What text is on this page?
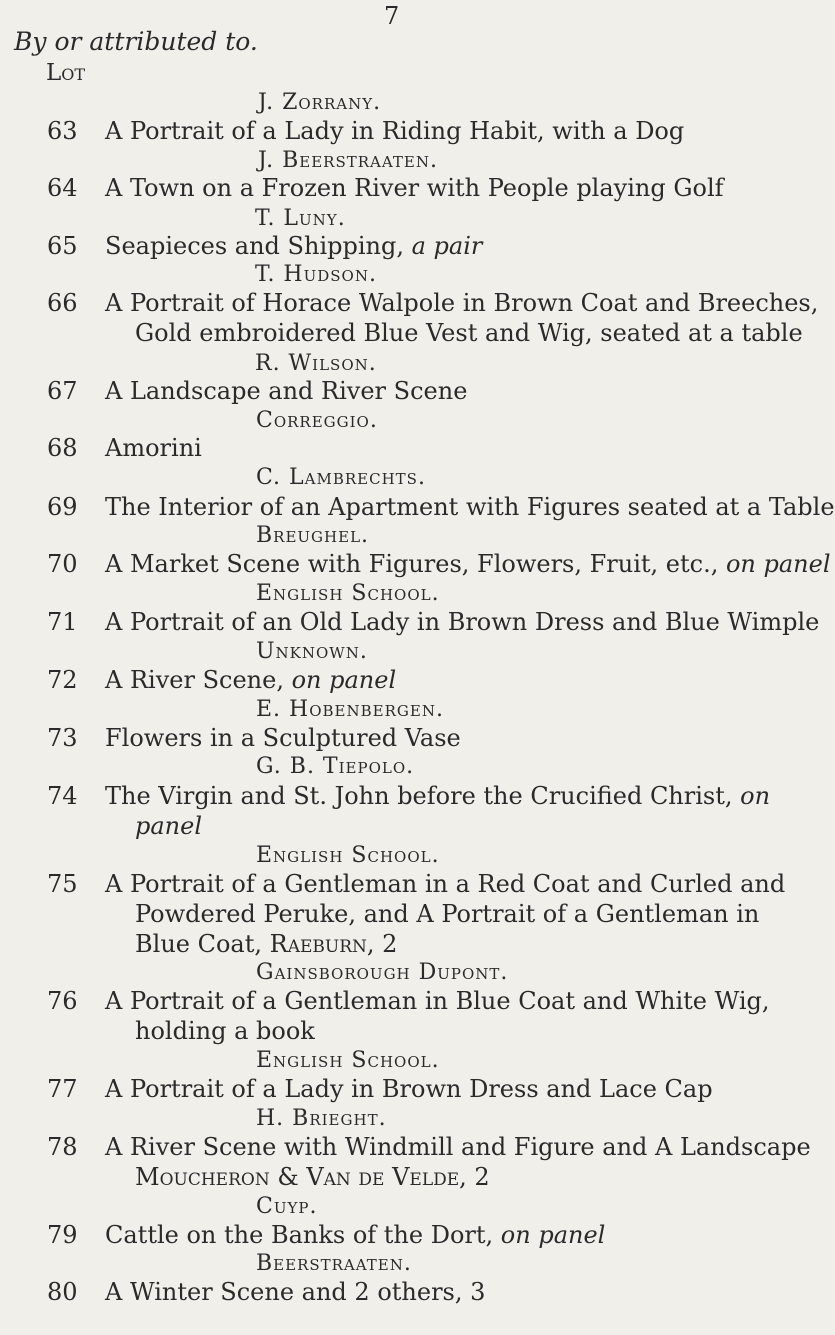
7
By or attributed to.
Lot
J. Zorrany.
63 A Portrait of a Lady in Riding Habit, with a Dog
J. Beerstraaten.
64 A Town on a Frozen River with People playing Golf
T. Luny.
65 Seapieces and Shipping, a pair
T. Hudson.
66 A Portrait of Horace Walpole in Brown Coat and Breeches,
Gold embroidered Blue Vest and Wig, seated at a table
R. Wilson.
67 A Landscape and River Scene
Correggio.
68 Amorini
C. Lambrechts.
69 The Interior of an Apartment with Figures seated at a Table
Breughel.
70 A Market Scene with Figures, Flowers, Fruit, etc., on panel
English School.
71 A Portrait of an Old Lady in Brown Dress and Blue Wimple
Unknown.
72 A River Scene, on panel
E. Hobenbergen.
73 Flowers in a Sculptured Vase
G. B. Tiepolo.
74 The Virgin and St. John before the Crucified Christ, on
panel
English School.
75 A Portrait of a Gentleman in a Red Coat and Curled and
Powdered Peruke, and A Portrait of a Gentleman in
Blue Coat, Raeburn, 2
Gainsborough Dupont.
76 A Portrait of a Gentleman in Blue Coat and White Wig,
holding a book
English School.
77 A Portrait of a Lady in Brown Dress and Lace Cap
H. Brieght.
78 A River Scene with Windmill and Figure and A Landscape
Moucheron & Van de Velde, 2
Cuyp.
79 Cattle on the Banks of the Dort, on panel
Beerstraaten.
80 A Winter Scene and 2 others, 3
